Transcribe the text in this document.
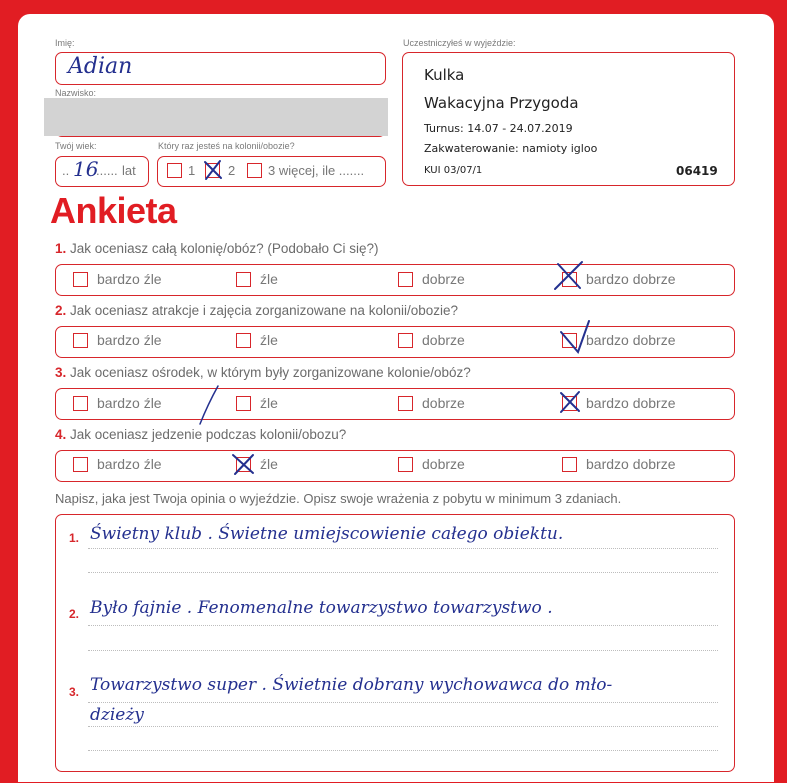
Imię:
Adian
Nazwisko:
Twój wiek:
.. 16
...... lat
Który raz jesteś na kolonii/obozie?
1	2	3 więcej, ile .......
Uczestniczyłeś w wyjeździe:
Kulka
Wakacyjna Przygoda
Turnus: 14.07 - 24.07.2019
Zakwaterowanie: namioty igloo
KUI 03/07/1	06419
Ankieta
1. Jak oceniasz całą kolonię/obóz? (Podobało Ci się?)
bardzo źle	źle	dobrze	bardzo dobrze
2. Jak oceniasz atrakcje i zajęcia zorganizowane na kolonii/obozie?
bardzo źle	źle	dobrze	bardzo dobrze
3. Jak oceniasz ośrodek, w którym były zorganizowane kolonie/obóz?
bardzo źle	źle	dobrze	bardzo dobrze
4. Jak oceniasz jedzenie podczas kolonii/obozu?
bardzo źle	źle	dobrze	bardzo dobrze
Napisz, jaka jest Twoja opinia o wyjeździe. Opisz swoje wrażenia z pobytu w minimum 3 zdaniach.
1. Świetny klub . Świetne umiejscowienie całego obiektu.
2. Było fajnie . Fenomenalne towarzystwo towarzystwo .
3. Towarzystwo super . Świetnie dobrany wychowawca do mło-
dzieży
